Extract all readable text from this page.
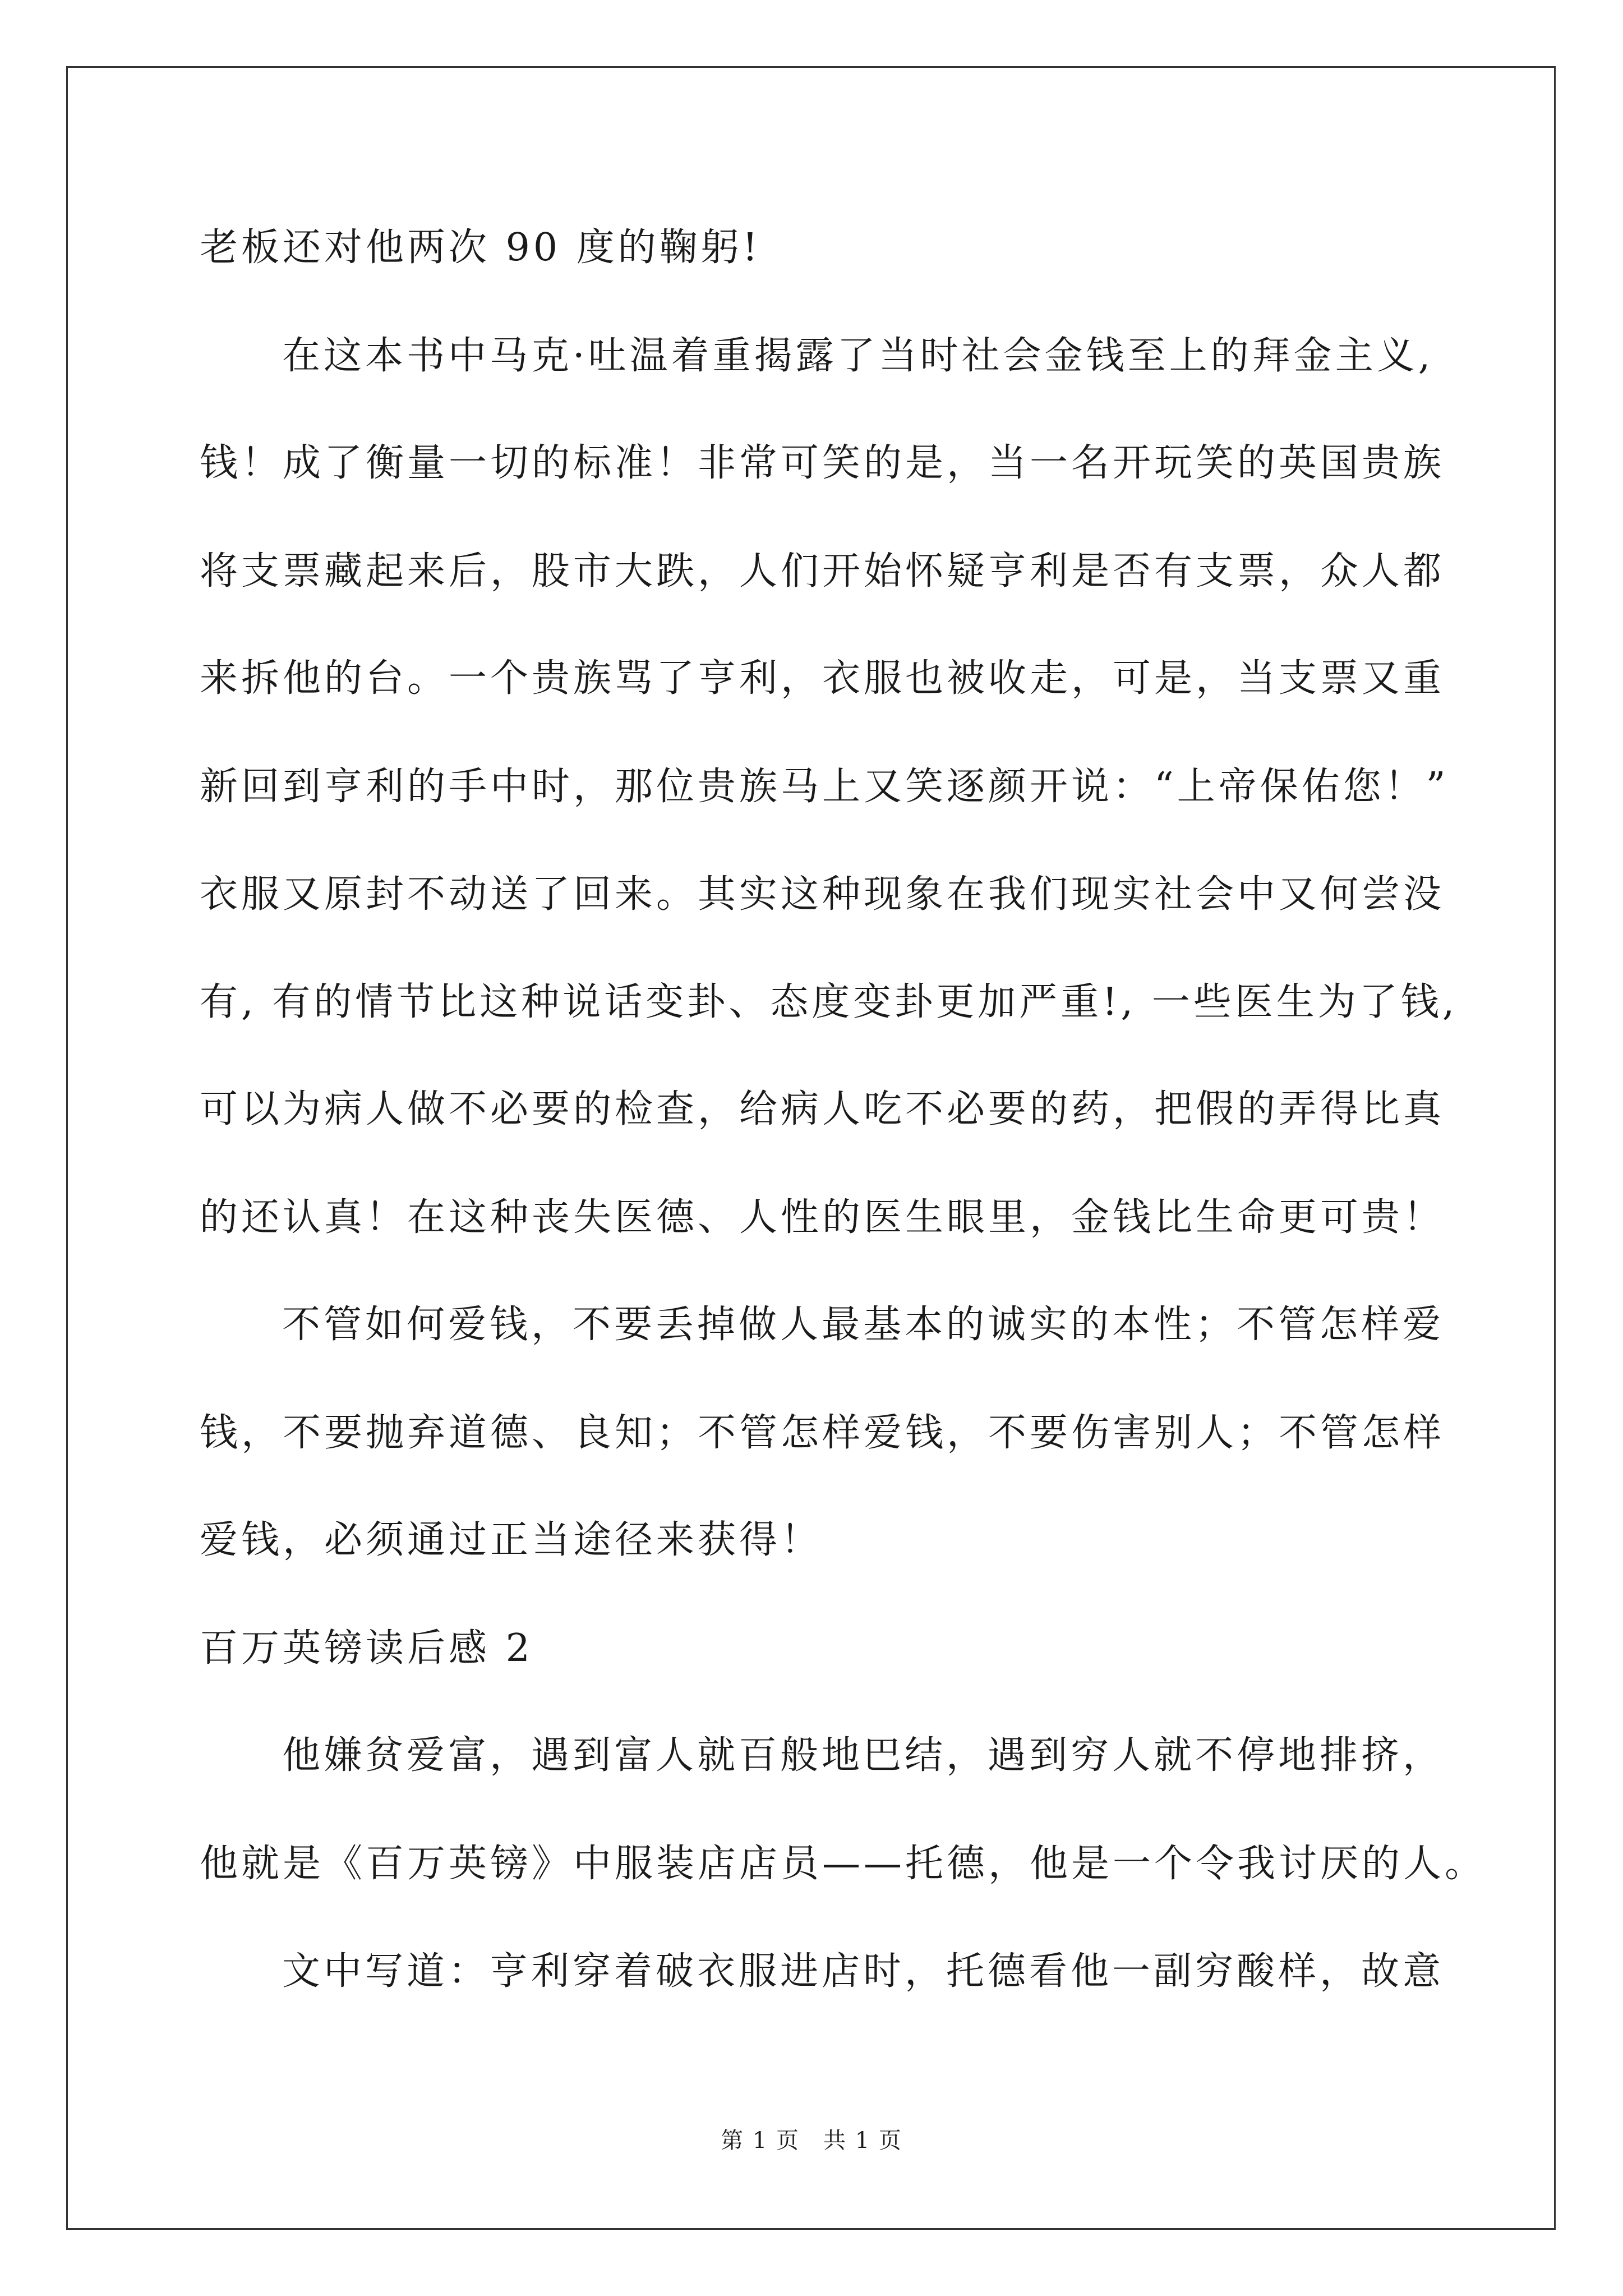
老板还对他两次 90 度的鞠躬!
在这本书中马克·吐温着重揭露了当时社会金钱至上的拜金主义,
钱！成了衡量一切的标准！非常可笑的是，当一名开玩笑的英国贵族
将支票藏起来后，股市大跌，人们开始怀疑亨利是否有支票，众人都
来拆他的台。一个贵族骂了亨利，衣服也被收走，可是，当支票又重
新回到亨利的手中时，那位贵族马上又笑逐颜开说：“上帝保佑您！”
衣服又原封不动送了回来。其实这种现象在我们现实社会中又何尝没
有, 有的情节比这种说话变卦、态度变卦更加严重!, 一些医生为了钱,
可以为病人做不必要的检查，给病人吃不必要的药，把假的弄得比真
的还认真！在这种丧失医德、人性的医生眼里，金钱比生命更可贵！
不管如何爱钱，不要丢掉做人最基本的诚实的本性；不管怎样爱
钱，不要抛弃道德、良知；不管怎样爱钱，不要伤害别人；不管怎样
爱钱，必须通过正当途径来获得！
百万英镑读后感 2
他嫌贫爱富，遇到富人就百般地巴结，遇到穷人就不停地排挤，
他就是《百万英镑》中服装店店员——托德，他是一个令我讨厌的人。
文中写道：亨利穿着破衣服进店时，托德看他一副穷酸样，故意
第 1 页　共 1 页
